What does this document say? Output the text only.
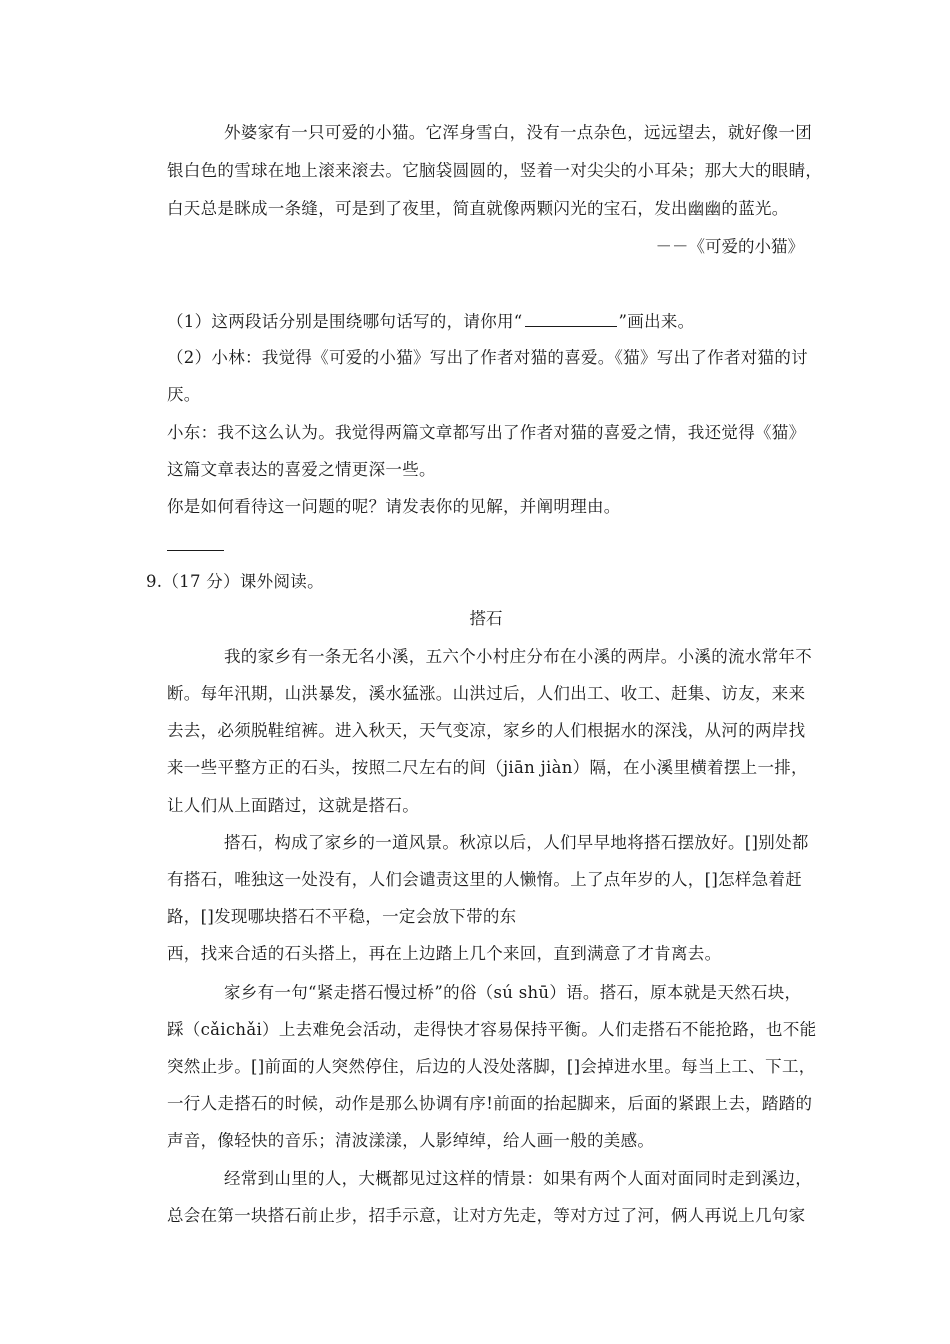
外婆家有一只可爱的小猫。它浑身雪白，没有一点杂色，远远望去，就好像一团
银白色的雪球在地上滚来滚去。它脑袋圆圆的，竖着一对尖尖的小耳朵；那大大的眼睛，
白天总是眯成一条缝，可是到了夜里，简直就像两颗闪光的宝石，发出幽幽的蓝光。
－－《可爱的小猫》
（1）这两段话分别是围绕哪句话写的，请你用“	”画出来。
（2）小林：我觉得《可爱的小猫》写出了作者对猫的喜爱。《猫》写出了作者对猫的讨
厌。
小东：我不这么认为。我觉得两篇文章都写出了作者对猫的喜爱之情，我还觉得《猫》
这篇文章表达的喜爱之情更深一些。
你是如何看待这一问题的呢？请发表你的见解，并阐明理由。
9.（17 分）课外阅读。
搭石
我的家乡有一条无名小溪，五六个小村庄分布在小溪的两岸。小溪的流水常年不
断。每年汛期，山洪暴发，溪水猛涨。山洪过后，人们出工、收工、赶集、访友，来来
去去，必须脱鞋绾裤。进入秋天，天气变凉，家乡的人们根据水的深浅，从河的两岸找
来一些平整方正的石头，按照二尺左右的间（jiān jiàn）隔，在小溪里横着摆上一排，
让人们从上面踏过，这就是搭石。
搭石，构成了家乡的一道风景。秋凉以后，人们早早地将搭石摆放好。[]别处都
有搭石，唯独这一处没有，人们会谴责这里的人懒惰。上了点年岁的人，[]怎样急着赶
路，[]发现哪块搭石不平稳，一定会放下带的东
西，找来合适的石头搭上，再在上边踏上几个来回，直到满意了才肯离去。
家乡有一句“紧走搭石慢过桥”的俗（sú shū）语。搭石，原本就是天然石块，
踩（cǎichǎi）上去难免会活动，走得快才容易保持平衡。人们走搭石不能抢路，也不能
突然止步。[]前面的人突然停住，后边的人没处落脚，[]会掉进水里。每当上工、下工，
一行人走搭石的时候，动作是那么协调有序!前面的抬起脚来，后面的紧跟上去，踏踏的
声音，像轻快的音乐；清波漾漾，人影绰绰，给人画一般的美感。
经常到山里的人，大概都见过这样的情景：如果有两个人面对面同时走到溪边，
总会在第一块搭石前止步，招手示意，让对方先走，等对方过了河，俩人再说上几句家
